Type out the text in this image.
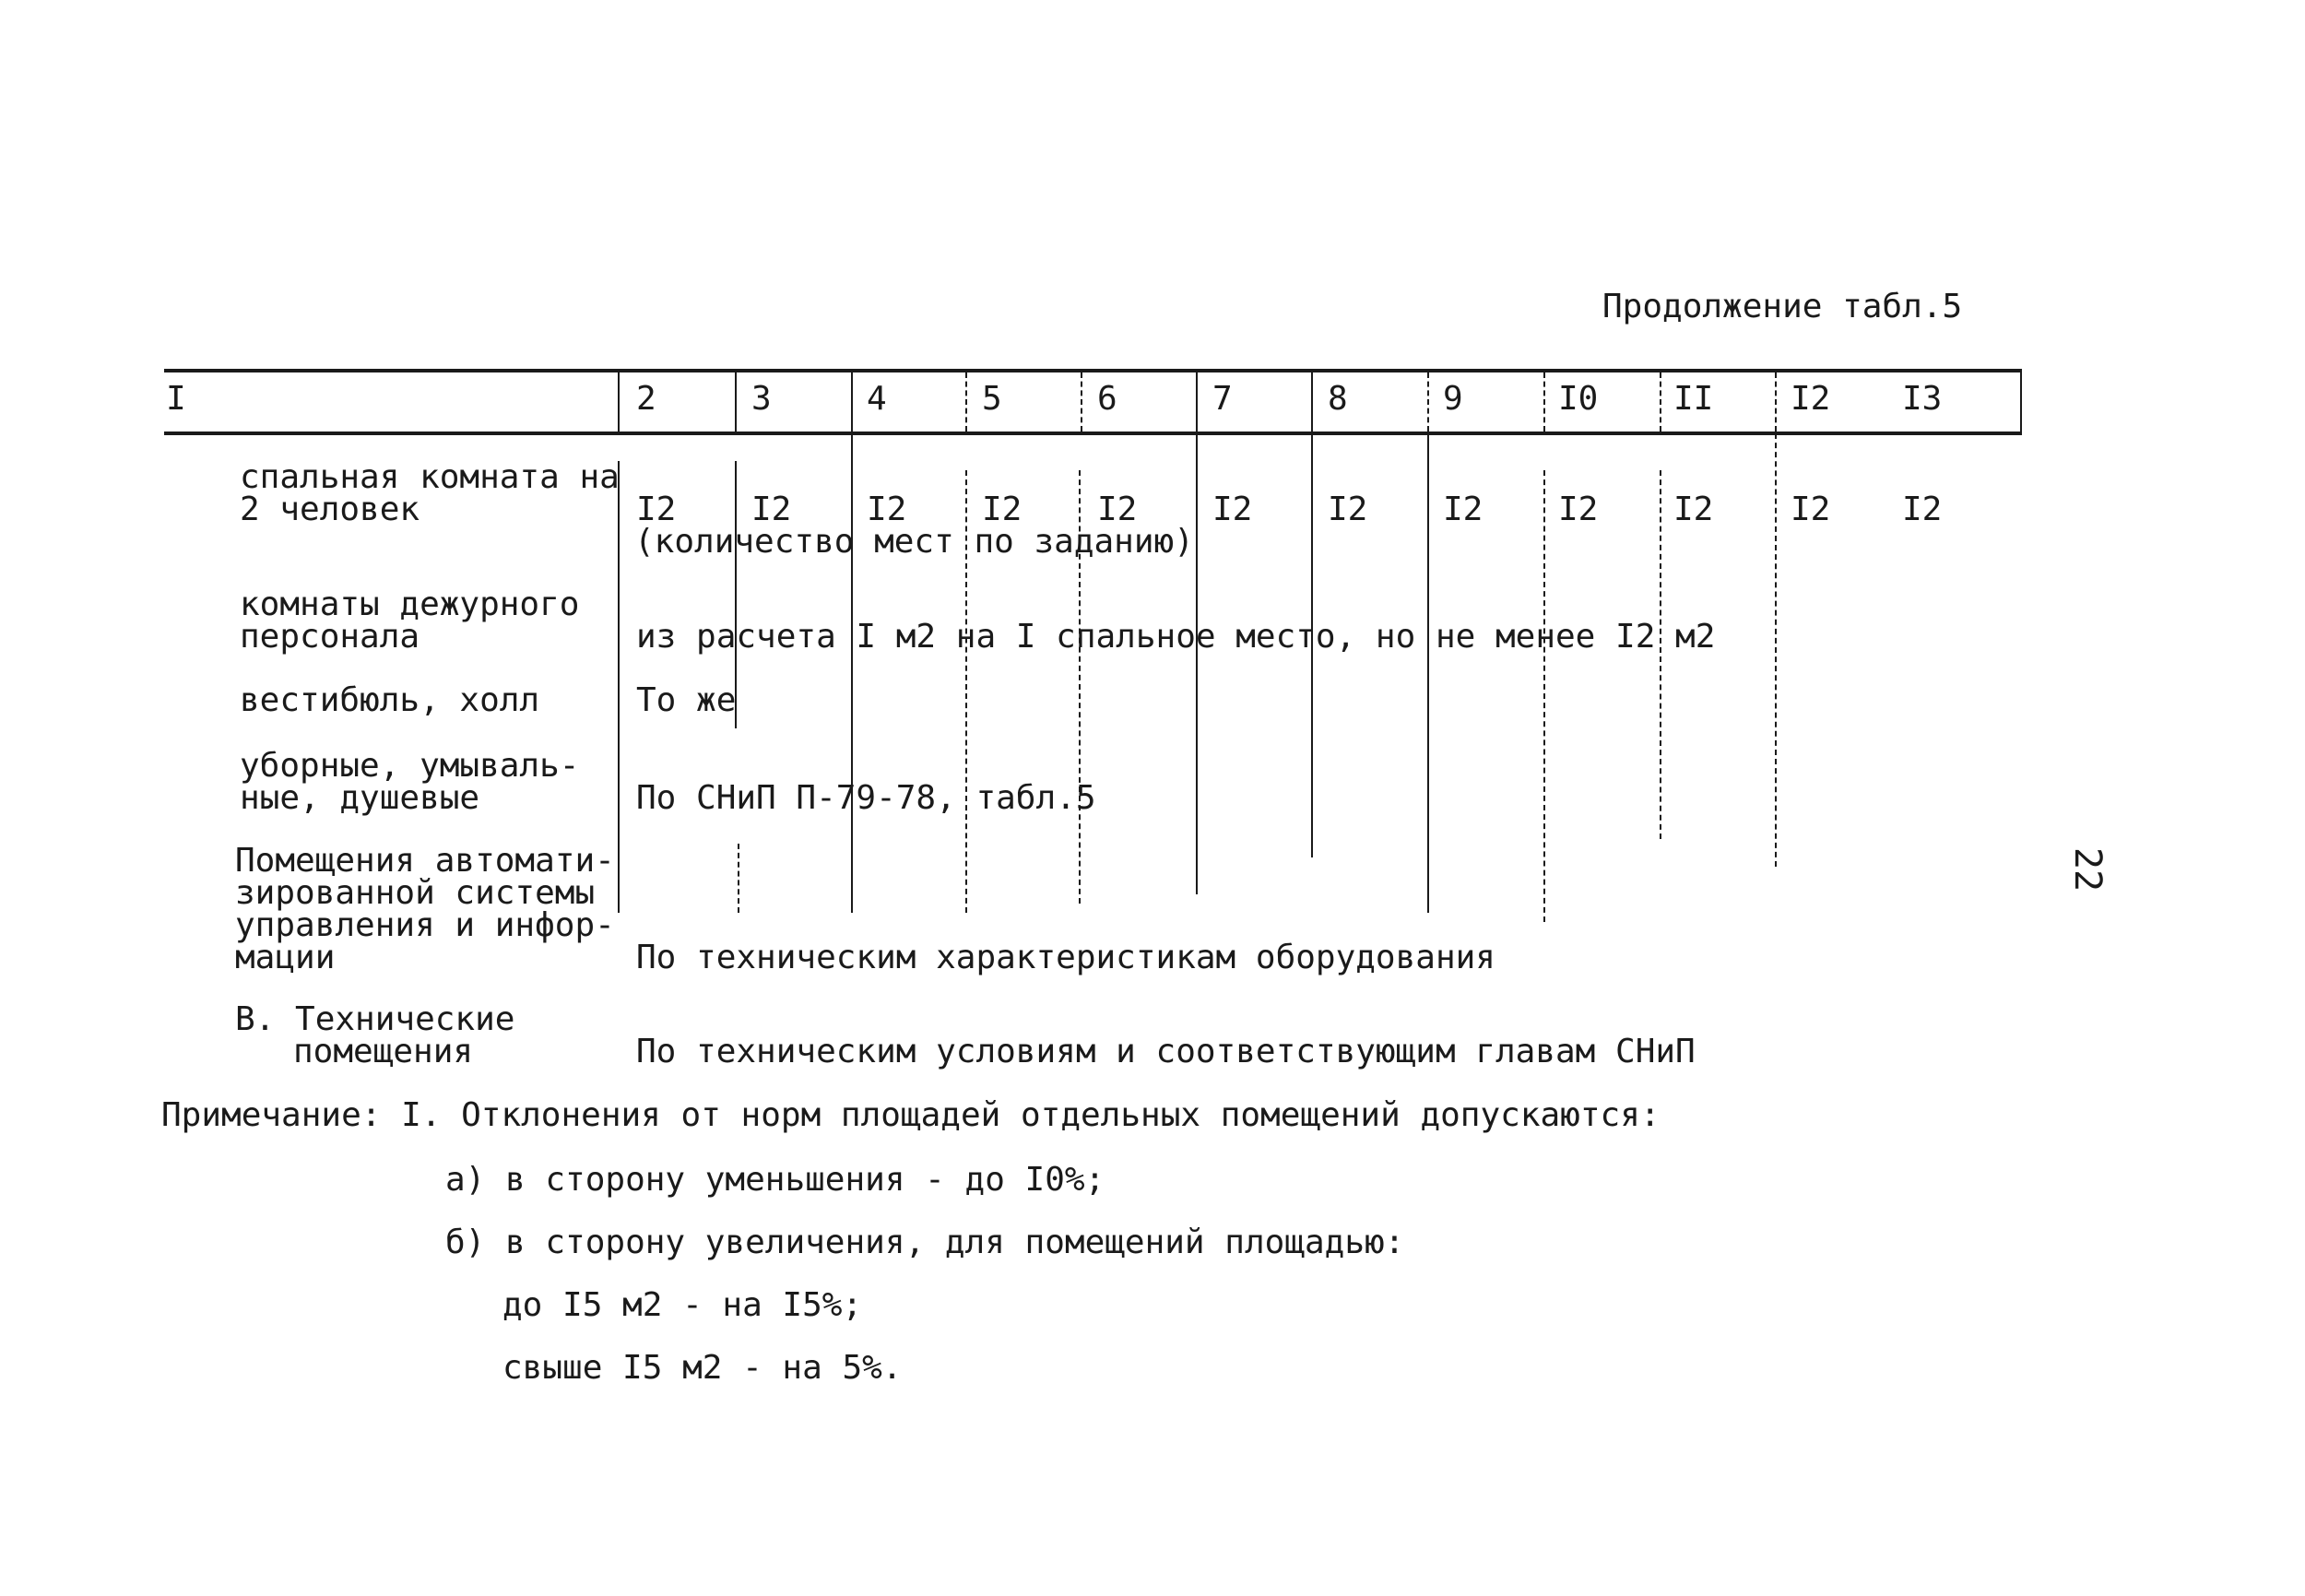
Продолжение табл.5
I	2	3	4	5	6	7	8	9	I0 II I2 I3
спальная комната на
2 человек	I2 I2 I2 I2 I2 I2 I2 I2 I2 I2 I2 I2
(количество мест по заданию)
комнаты дежурного
персонала	из расчета I м2 на I спальное место, но не менее I2 м2
вестибюль, холл	То же
уборные, умываль-
ные, душевые	По СНиП П-79-78, табл.5
Помещения автомати-
зированной системы
управления и инфор-
мации	По техническим характеристикам оборудования
В. Технические
помещения	По техническим условиям и соответствующим главам СНиП
Примечание: I. Отклонения от норм площадей отдельных помещений допускаются:
а) в сторону уменьшения - до I0%;
б) в сторону увеличения, для помещений площадью:
до I5 м2 - на I5%;
свыше I5 м2 - на 5%.
22
